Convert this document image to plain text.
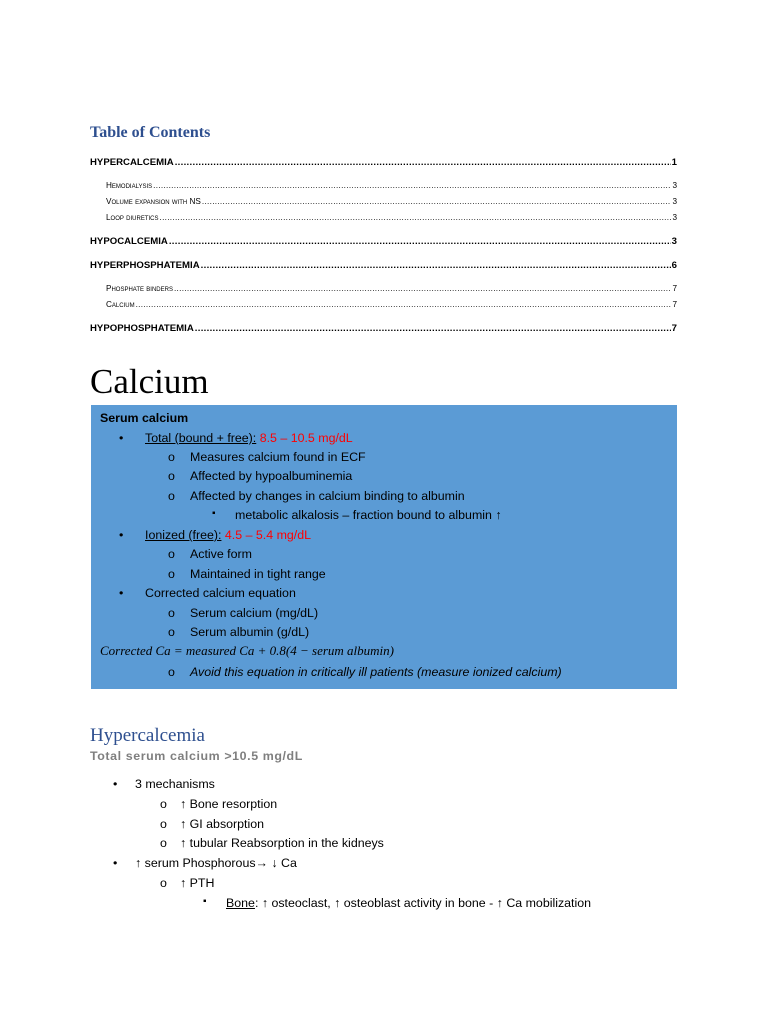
Table of Contents
HYPERCALCEMIA .....	1
Hemodialysis .....	3
Volume expansion with NS .....	3
Loop diuretics .....	3
HYPOCALCEMIA .....	3
HYPERPHOSPHATEMIA .....	6
Phosphate binders .....	7
Calcium .....	7
HYPOPHOSPHATEMIA .....	7
Calcium
Serum calcium
• Total (bound + free): 8.5 – 10.5 mg/dL
o Measures calcium found in ECF
o Affected by hypoalbuminemia
o Affected by changes in calcium binding to albumin
▪ metabolic alkalosis – fraction bound to albumin ↑
• Ionized (free): 4.5 – 5.4 mg/dL
o Active form
o Maintained in tight range
• Corrected calcium equation
o Serum calcium (mg/dL)
o Serum albumin (g/dL)
Corrected Ca = measured Ca + 0.8(4 − serum albumin)
o Avoid this equation in critically ill patients (measure ionized calcium)
Hypercalcemia
Total serum calcium >10.5 mg/dL
• 3 mechanisms
o ↑ Bone resorption
o ↑ GI absorption
o ↑ tubular Reabsorption in the kidneys
• ↑ serum Phosphorous→ ↓ Ca
o ↑ PTH
▪ Bone: ↑ osteoclast, ↑ osteoblast activity in bone - ↑ Ca mobilization
